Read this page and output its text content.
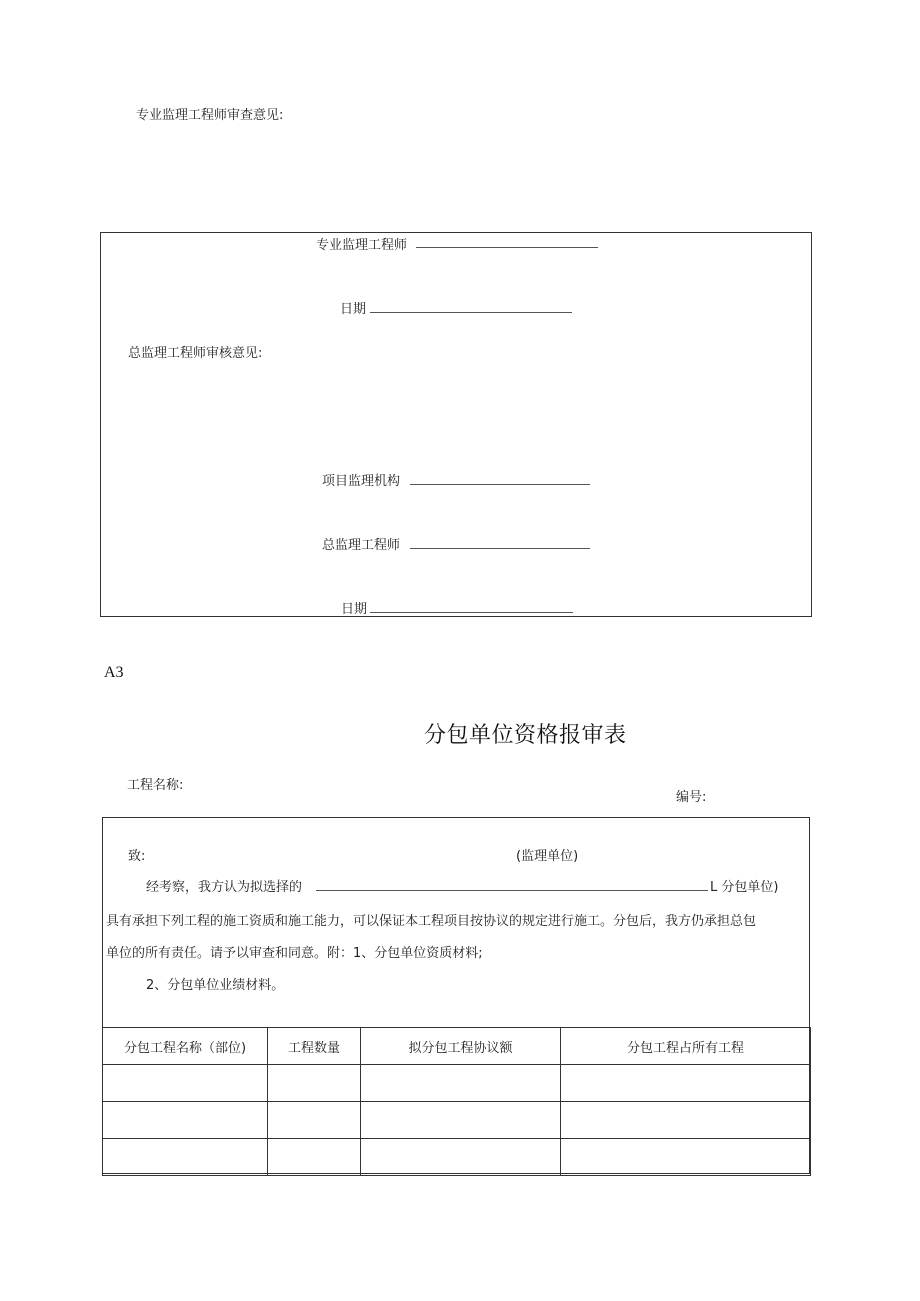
专业监理工程师审查意见:
专业监理工程师
日期
总监理工程师审核意见:
项目监理机构
总监理工程师
日期
A3
分包单位资格报审表
工程名称:
编号:
致:	(监理单位)
经考察，我方认为拟选择的	L 分包单位)
具有承担下列工程的施工资质和施工能力，可以保证本工程项目按协议的规定进行施工。分包后，我方仍承担总包
单位的所有责任。请予以审查和同意。附：1、分包单位资质材料;
2、分包单位业绩材料。
分包工程名称（部位)	工程数量	拟分包工程协议额	分包工程占所有工程
